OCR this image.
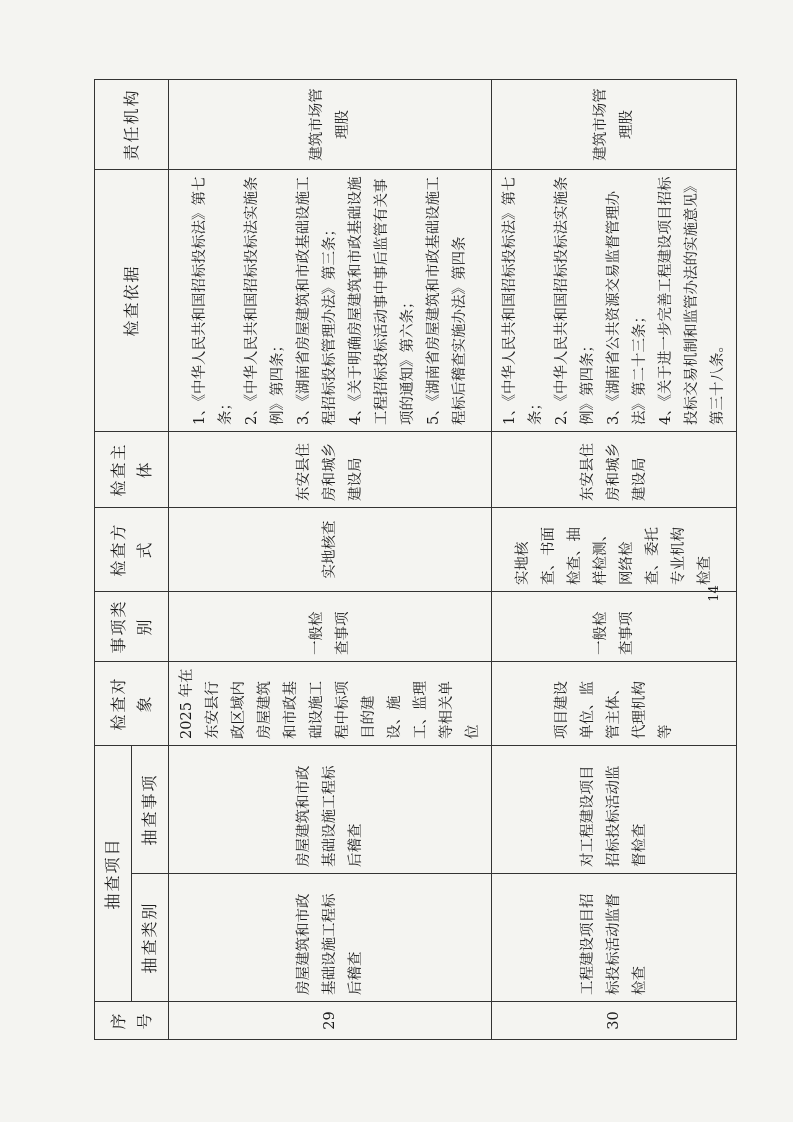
序号	抽查项目		检查对象	事项类别	检查方式	检查主体	检查依据	责任机构
	抽查类别	抽查事项						
29	房屋建筑和市政基础设施工程标后稽查	房屋建筑和市政基础设施工程标后稽查	2025 年在东安县行政区域内房屋建筑和市政基础设施工程中标项目的建设、施工、监理等相关单位	一般检查事项	实地核查	东安县住房和城乡建设局	1、《中华人民共和国招标投标法》第七条； 2、《中华人民共和国招标投标法实施条例》第四条； 3、《湖南省房屋建筑和市政基础设施工程招标投标管理办法》第三条； 4、《关于明确房屋建筑和市政基础设施工程招标投标活动事中事后监管有关事项的通知》第六条； 5、《湖南省房屋建筑和市政基础设施工程标后稽查实施办法》第四条	建筑市场管理股
30	工程建设项目招标投标活动监督检查	对工程建设项目招标投标活动监督检查	项目建设单位、监管主体、代理机构等	一般检查事项	实地核查、书面检查、抽样检测、网络检查、委托专业机构检查	东安县住房和城乡建设局	1、《中华人民共和国招标投标法》第七条； 2、《中华人民共和国招标投标法实施条例》第四条； 3、《湖南省公共资源交易监督管理办法》第二十三条； 4、《关于进一步完善工程建设项目招标投标交易机制和监管办法的实施意见》第三十八条。	建筑市场管理股
14
